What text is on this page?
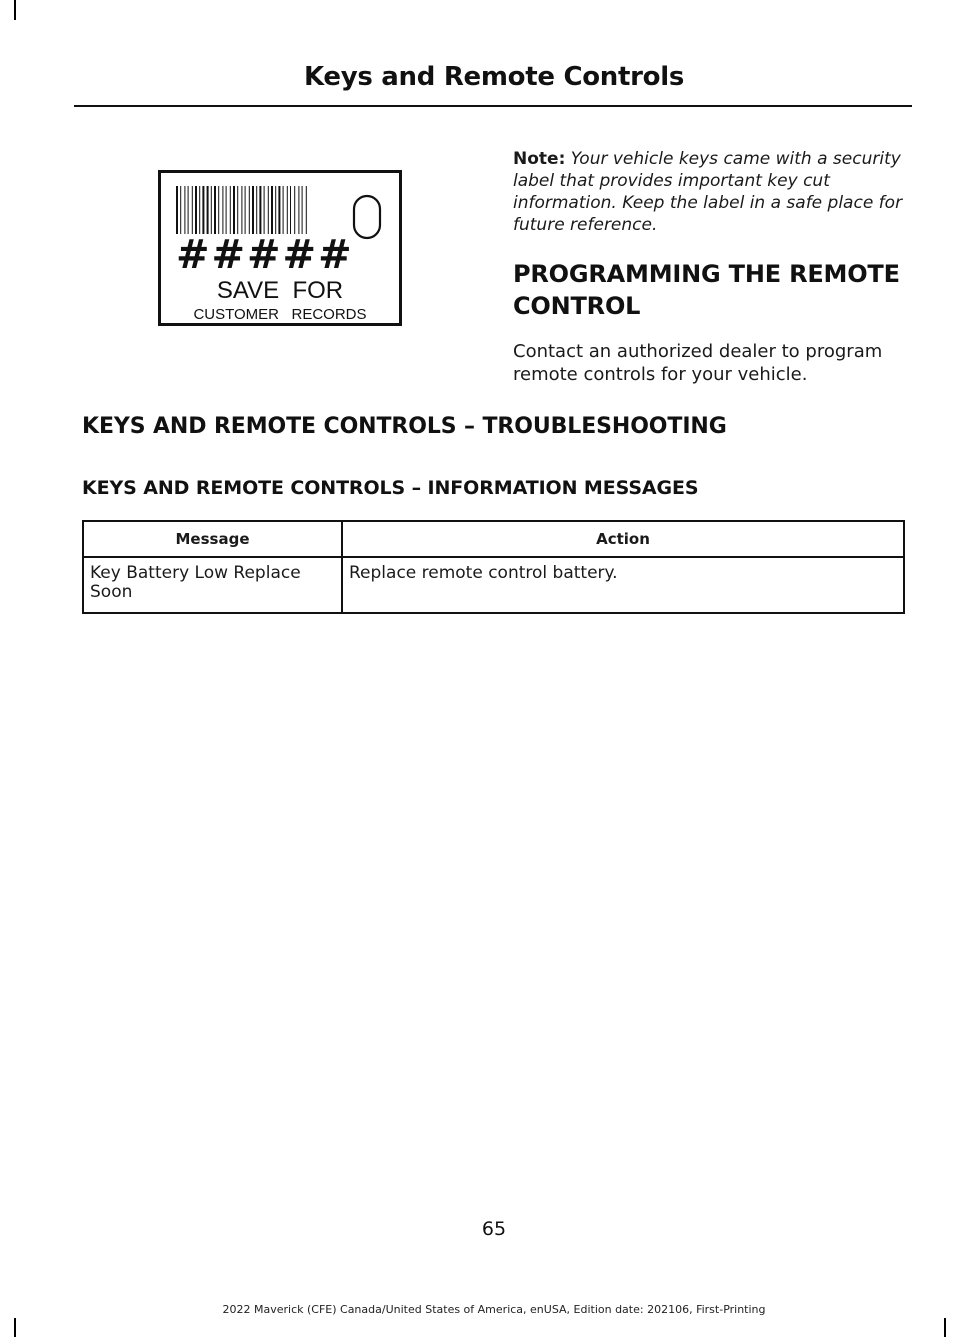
Keys and Remote Controls
#####
SAVE  FOR
CUSTOMER   RECORDS
Note: Your vehicle keys came with a security label that provides important key cut information. Keep the label in a safe place for future reference.
PROGRAMMING THE REMOTE
CONTROL
Contact an authorized dealer to program remote controls for your vehicle.
KEYS AND REMOTE CONTROLS – TROUBLESHOOTING
KEYS AND REMOTE CONTROLS – INFORMATION MESSAGES
Message	Action
Key Battery Low Replace Soon	Replace remote control battery.
65
2022 Maverick (CFE) Canada/United States of America, enUSA, Edition date: 202106, First-Printing
